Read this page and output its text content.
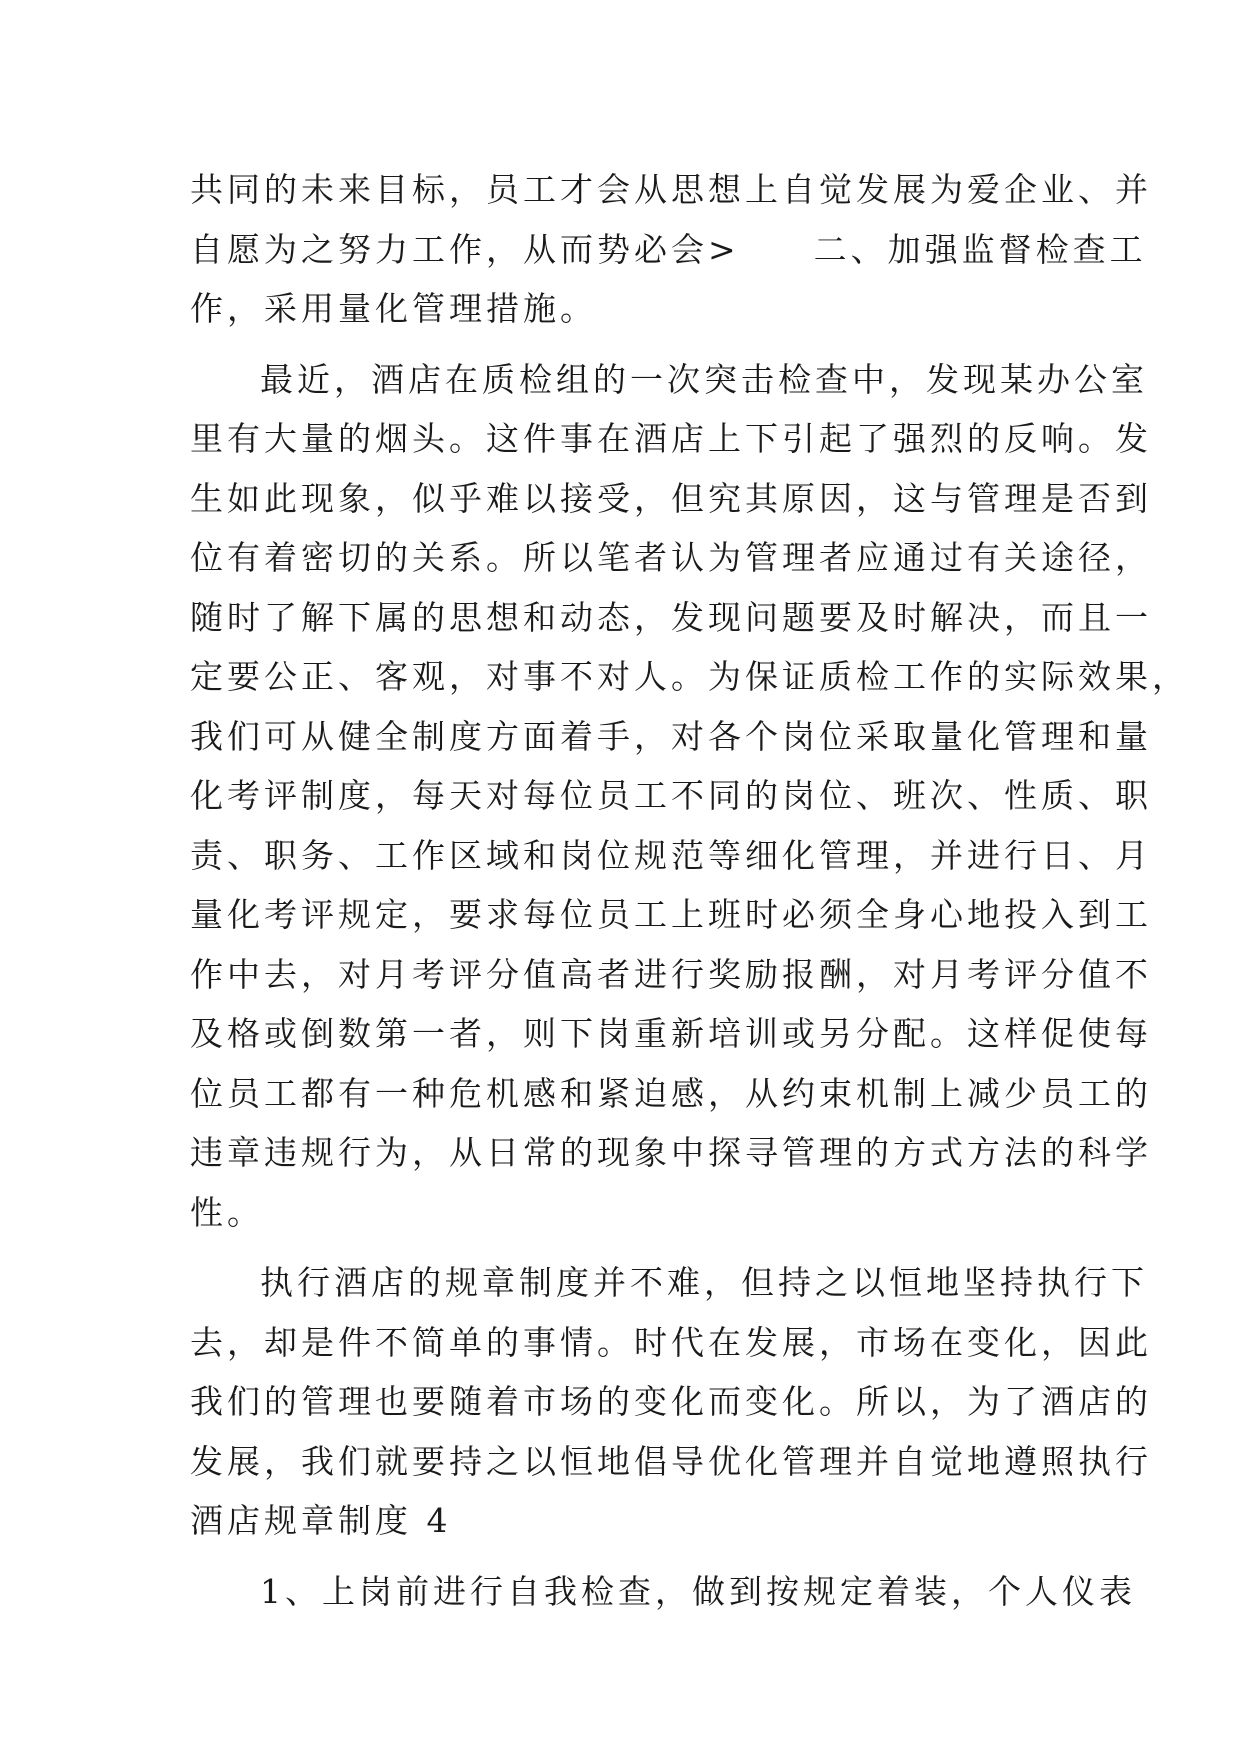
共同的未来目标，员工才会从思想上自觉发展为爱企业、并
自愿为之努力工作，从而势必会>　　二、加强监督检查工
作，采用量化管理措施。
最近，酒店在质检组的一次突击检查中，发现某办公室
里有大量的烟头。这件事在酒店上下引起了强烈的反响。发
生如此现象，似乎难以接受，但究其原因，这与管理是否到
位有着密切的关系。所以笔者认为管理者应通过有关途径，
随时了解下属的思想和动态，发现问题要及时解决，而且一
定要公正、客观，对事不对人。为保证质检工作的实际效果，
我们可从健全制度方面着手，对各个岗位采取量化管理和量
化考评制度，每天对每位员工不同的岗位、班次、性质、职
责、职务、工作区域和岗位规范等细化管理，并进行日、月
量化考评规定，要求每位员工上班时必须全身心地投入到工
作中去，对月考评分值高者进行奖励报酬，对月考评分值不
及格或倒数第一者，则下岗重新培训或另分配。这样促使每
位员工都有一种危机感和紧迫感，从约束机制上减少员工的
违章违规行为，从日常的现象中探寻管理的方式方法的科学
性。
执行酒店的规章制度并不难，但持之以恒地坚持执行下
去，却是件不简单的事情。时代在发展，市场在变化，因此
我们的管理也要随着市场的变化而变化。所以，为了酒店的
发展，我们就要持之以恒地倡导优化管理并自觉地遵照执行
酒店规章制度 4
1、上岗前进行自我检查，做到按规定着装，个人仪表
